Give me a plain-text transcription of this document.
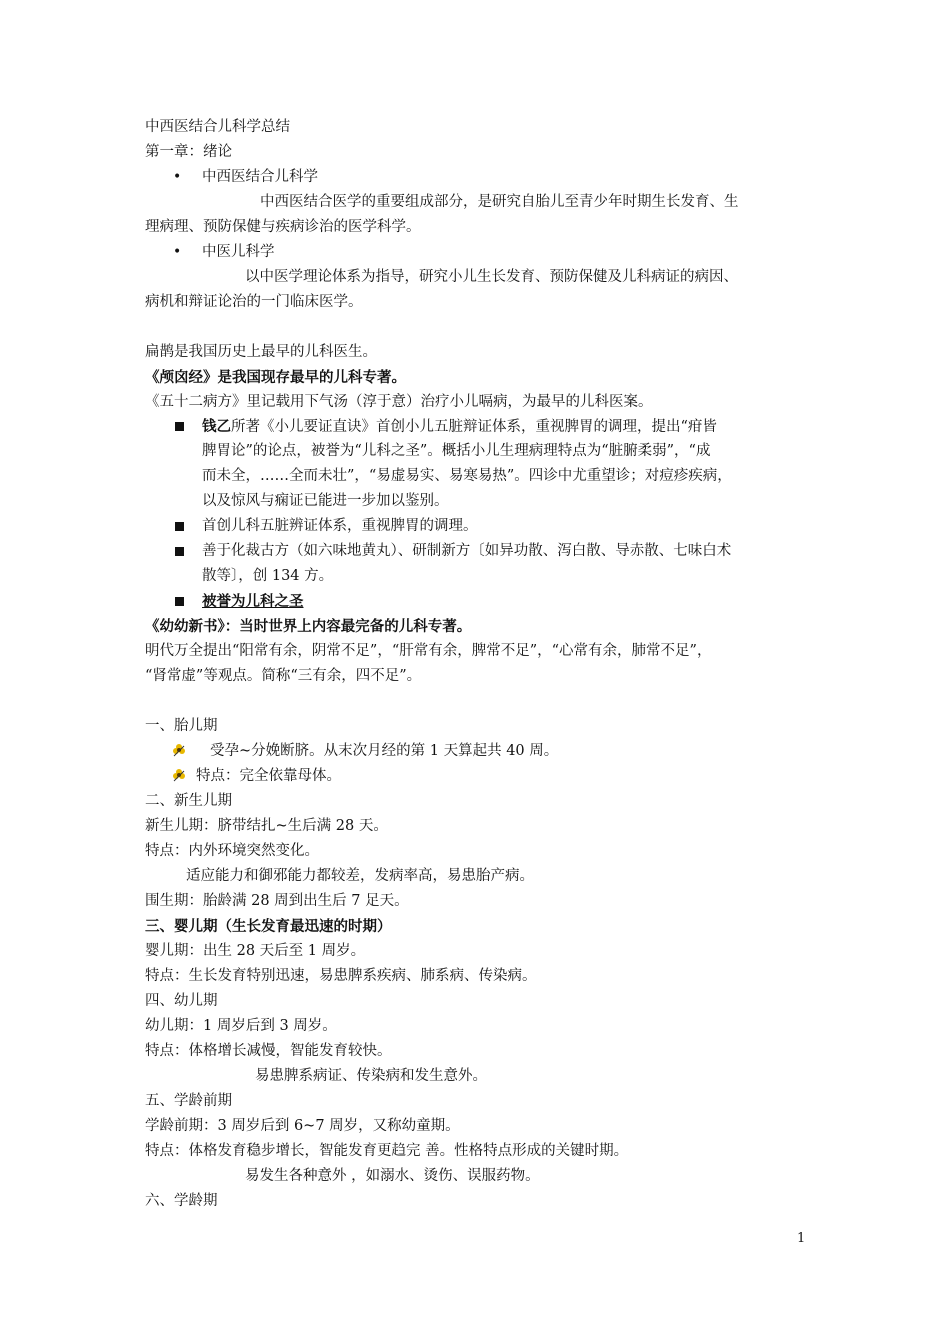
中西医结合儿科学总结
第一章：绪论
• 中西医结合儿科学
中西医结合医学的重要组成部分，是研究自胎儿至青少年时期生长发育、生
理病理、预防保健与疾病诊治的医学科学。
• 中医儿科学
以中医学理论体系为指导，研究小儿生长发育、预防保健及儿科病证的病因、
病机和辩证论治的一门临床医学。
扁鹊是我国历史上最早的儿科医生。
《颅囟经》是我国现存最早的儿科专著。
《五十二病方》里记载用下气汤（淳于意）治疗小儿嗝病，为最早的儿科医案。
钱乙所著《小儿要证直诀》首创小儿五脏辩证体系，重视脾胃的调理，提出“疳皆
脾胃论”的论点，被誉为“儿科之圣”。概括小儿生理病理特点为“脏腑柔弱”，“成
而未全，……全而未壮”，“易虚易实、易寒易热”。四诊中尤重望诊；对痘疹疾病，
以及惊风与痫证已能进一步加以鉴别。
首创儿科五脏辨证体系，重视脾胃的调理。
善于化裁古方（如六味地黄丸）、研制新方〔如异功散、泻白散、导赤散、七味白术
散等〕，创 134 方。
被誉为儿科之圣
《幼幼新书》：当时世界上内容最完备的儿科专著。
明代万全提出“阳常有余，阴常不足”，“肝常有余，脾常不足”，“心常有余，肺常不足”，
“肾常虚”等观点。简称“三有余，四不足”。
一、胎儿期
受孕~分娩断脐。从末次月经的第 1 天算起共 40 周。
特点：完全依靠母体。
二、新生儿期
新生儿期：脐带结扎~生后满 28 天。
特点：内外环境突然变化。
适应能力和御邪能力都较差，发病率高，易患胎产病。
围生期：胎龄满 28 周到出生后 7 足天。
三、婴儿期（生长发育最迅速的时期）
婴儿期：出生 28 天后至 1 周岁。
特点：生长发育特别迅速，易患脾系疾病、肺系病、传染病。
四、幼儿期
幼儿期：1 周岁后到 3 周岁。
特点：体格增长减慢，智能发育较快。
易患脾系病证、传染病和发生意外。
五、学龄前期
学龄前期：3 周岁后到 6~7 周岁，又称幼童期。
特点：体格发育稳步增长，智能发育更趋完 善。性格特点形成的关键时期。
易发生各种意外 ，如溺水、烫伤、误服药物。
六、学龄期
1
